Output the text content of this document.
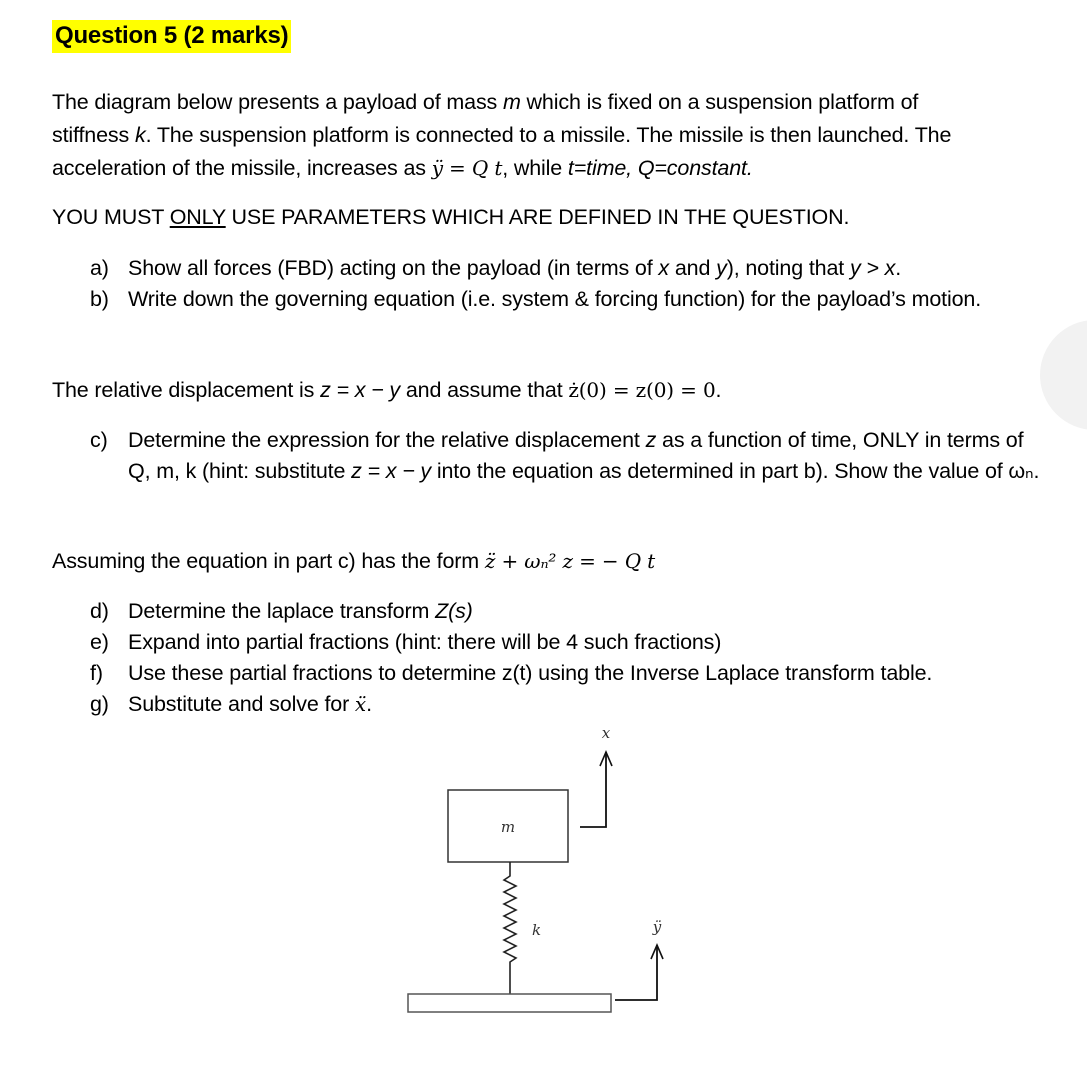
Question 5 (2 marks)

The diagram below presents a payload of mass m which is fixed on a suspension platform of
stiffness k. The suspension platform is connected to a missile. The missile is then launched. The
acceleration of the missile, increases as ÿ = Q t, while t=time, Q=constant.

YOU MUST ONLY USE PARAMETERS WHICH ARE DEFINED IN THE QUESTION.

a) Show all forces (FBD) acting on the payload (in terms of x and y), noting that y > x.
b) Write down the governing equation (i.e. system & forcing function) for the payload’s motion.

The relative displacement is z = x − y and assume that ż(0) = z(0) = 0.

c) Determine the expression for the relative displacement z as a function of time, ONLY in terms of Q, m, k (hint: substitute z = x − y into the equation as determined in part b). Show the value of ωₙ.

Assuming the equation in part c) has the form z̈ + ωₙ² z = − Q t

d) Determine the laplace transform Z(s)
e) Expand into partial fractions (hint: there will be 4 such fractions)
f) Use these partial fractions to determine z(t) using the Inverse Laplace transform table.
g) Substitute and solve for ẍ.
m
k
x
ÿ
